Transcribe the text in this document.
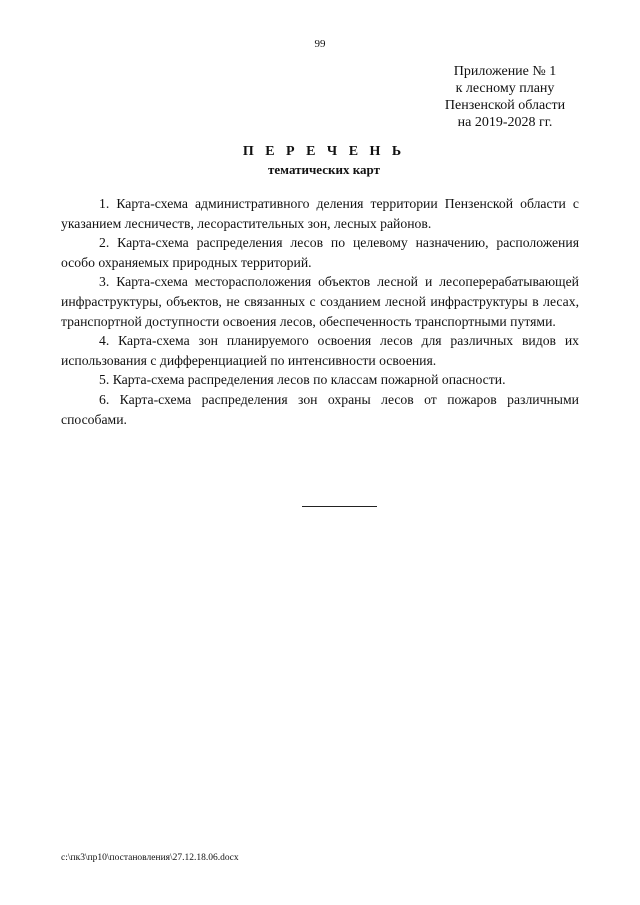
99
Приложение № 1
к лесному плану
Пензенской области
на 2019-2028 гг.
П Е Р Е Ч Е Н Ь
тематических карт

1. Карта-схема административного деления территории Пензенской области с указанием лесничеств, лесорастительных зон, лесных районов.

2. Карта-схема распределения лесов по целевому назначению, расположения особо охраняемых природных территорий.

3. Карта-схема месторасположения объектов лесной и лесоперерабатывающей инфраструктуры, объектов, не связанных с созданием лесной инфраструктуры в лесах, транспортной доступности освоения лесов, обеспеченность транспортными путями.

4. Карта-схема зон планируемого освоения лесов для различных видов их использования с дифференциацией по интенсивности освоения.

5. Карта-схема распределения лесов по классам пожарной опасности.

6. Карта-схема распределения зон охраны лесов от пожаров различными способами.

c:\пк3\пр10\постановления\27.12.18.06.docx
